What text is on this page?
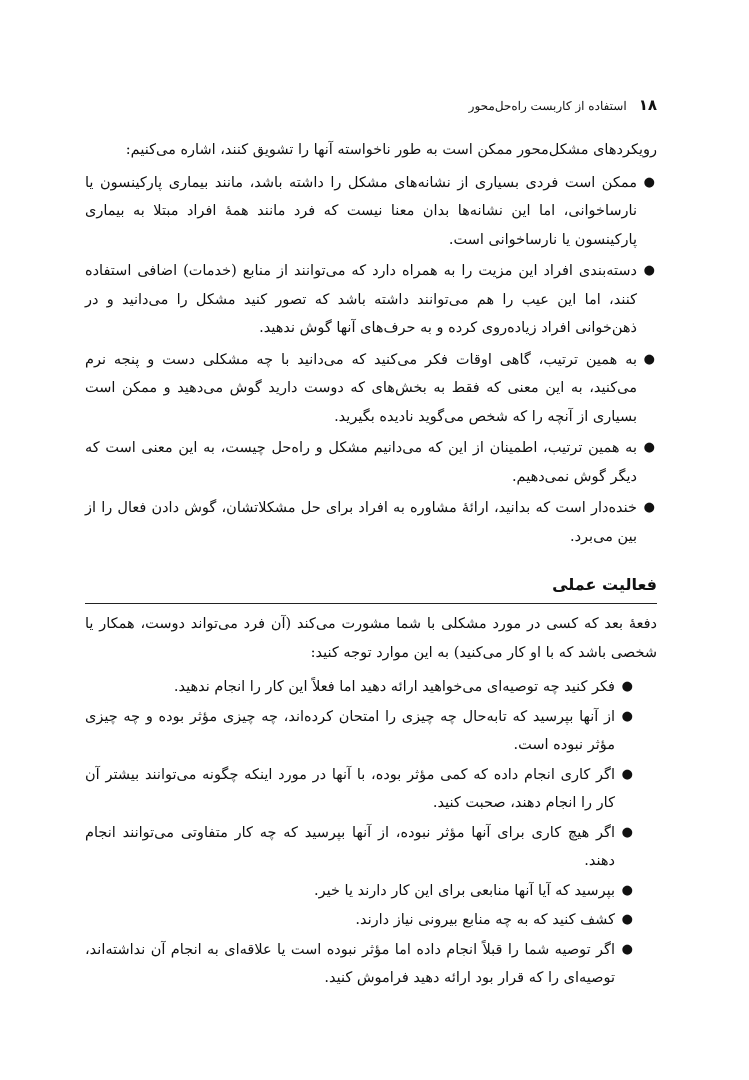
۱۸
استفاده از کاربست راه‌حل‌محور

رویکردهای مشکل‌محور ممکن است به طور ناخواسته آنها را تشویق کنند، اشاره می‌کنیم:

●
ممکن است فردی بسیاری از نشانه‌های مشکل را داشته باشد، مانند بیماری پارکینسون یا نارساخوانی، اما این نشانه‌ها بدان معنا نیست که فرد مانند همهٔ افراد مبتلا به بیماری پارکینسون یا نارساخوانی است.
●
دسته‌بندی افراد این مزیت را به همراه دارد که می‌توانند از منابع (خدمات) اضافی استفاده کنند، اما این عیب را هم می‌توانند داشته باشد که تصور کنید مشکل را می‌دانید و در ذهن‌خوانی افراد زیاده‌روی کرده و به حرف‌های آنها گوش ندهید.
●
به همین ترتیب، گاهی اوقات فکر می‌کنید که می‌دانید با چه مشکلی دست و پنجه نرم می‌کنید، به این معنی که فقط به بخش‌های که دوست دارید گوش می‌دهید و ممکن است بسیاری از آنچه را که شخص می‌گوید نادیده بگیرید.
●
به همین ترتیب، اطمینان از این که می‌دانیم مشکل و راه‌حل چیست، به این معنی است که دیگر گوش نمی‌دهیم.
●
خنده‌دار است که بدانید، ارائهٔ مشاوره به افراد برای حل مشکلاتشان، گوش دادن فعال را از بین می‌برد.
فعالیت عملی

دفعهٔ بعد که کسی در مورد مشکلی با شما مشورت می‌کند (آن فرد می‌تواند دوست، همکار یا شخصی باشد که با او کار می‌کنید) به این موارد توجه کنید:

●
فکر کنید چه توصیه‌ای می‌خواهید ارائه دهید اما فعلاً این کار را انجام ندهید.
●
از آنها بپرسید که تابه‌حال چه چیزی را امتحان کرده‌اند، چه چیزی مؤثر بوده و چه چیزی مؤثر نبوده است.
●
اگر کاری انجام داده که کمی مؤثر بوده، با آنها در مورد اینکه چگونه می‌توانند بیشتر آن کار را انجام دهند، صحبت کنید.
●
اگر هیچ کاری برای آنها مؤثر نبوده، از آنها بپرسید که چه کار متفاوتی می‌توانند انجام دهند.
●
بپرسید که آیا آنها منابعی برای این کار دارند یا خیر.
●
کشف کنید که به چه منابع بیرونی نیاز دارند.
●
اگر توصیه شما را قبلاً انجام داده اما مؤثر نبوده است یا علاقه‌ای به انجام آن نداشته‌اند، توصیه‌ای را که قرار بود ارائه دهید فراموش کنید.
